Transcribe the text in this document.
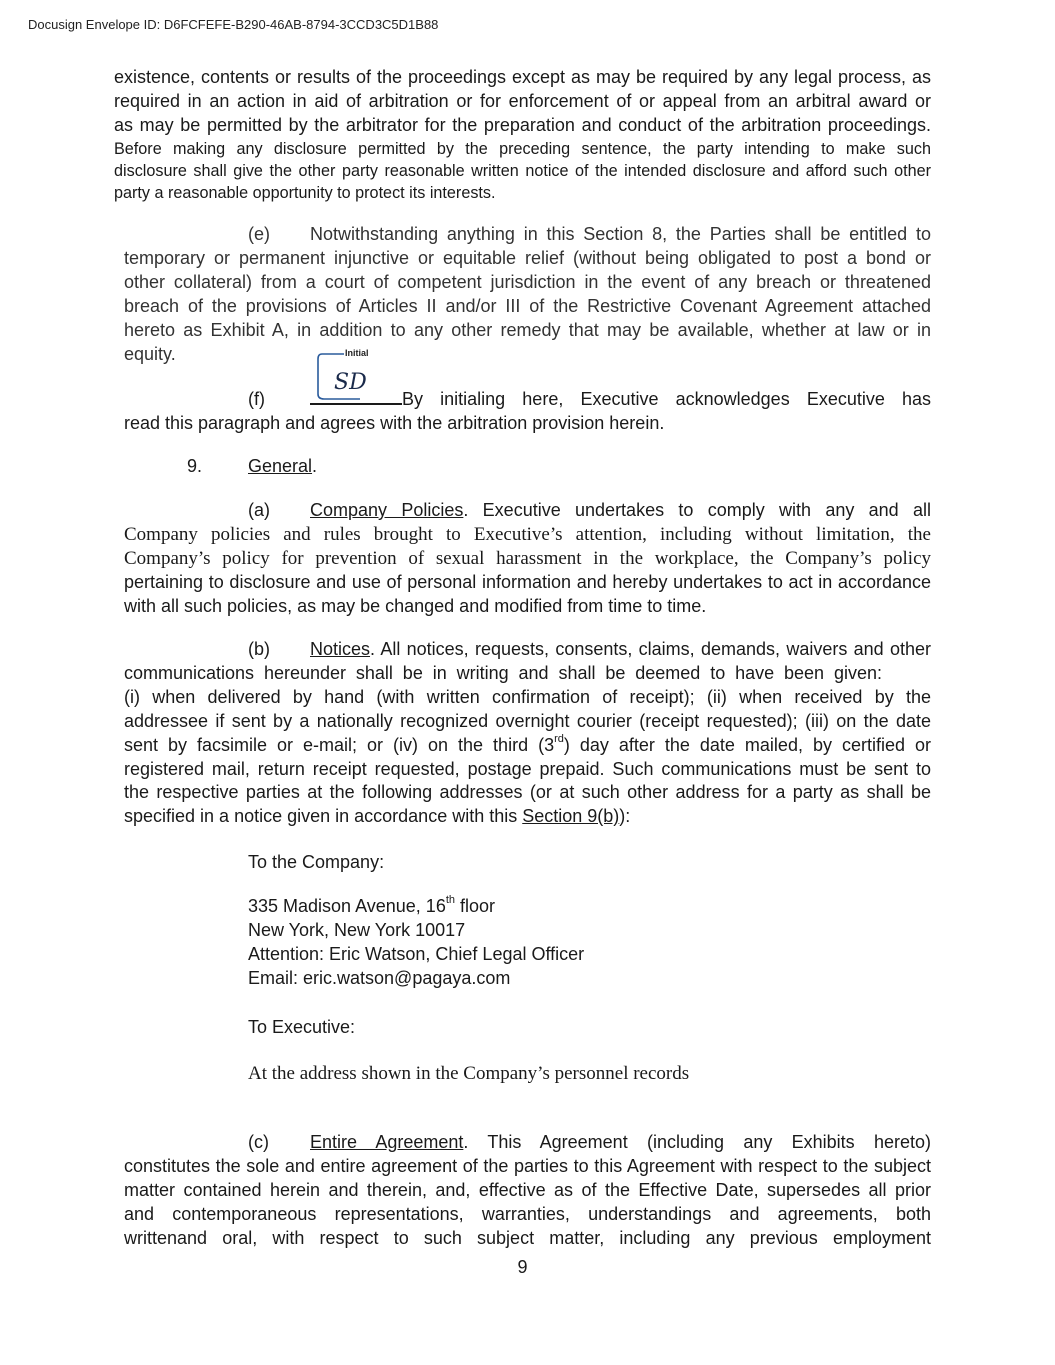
Docusign Envelope ID: D6FCFEFE-B290-46AB-8794-3CCD3C5D1B88
existence, contents or results of the proceedings except as may be required by any legal process, as
required in an action in aid of arbitration or for enforcement of or appeal from an arbitral award or
as may be permitted by the arbitrator for the preparation and conduct of the arbitration proceedings.
Before making any disclosure permitted by the preceding sentence, the party intending to make such
disclosure shall give the other party reasonable written notice of the intended disclosure and afford such other
party a reasonable opportunity to protect its interests.
(e) Notwithstanding anything in this Section 8, the Parties shall be entitled to
temporary or permanent injunctive or equitable relief (without being obligated to post a bond or
other collateral) from a court of competent jurisdiction in the event of any breach or threatened
breach of the provisions of Articles II and/or III of the Restrictive Covenant Agreement attached
hereto as Exhibit A, in addition to any other remedy that may be available, whether at law or in
equity.	Initial
SD
(f)	By initialing here, Executive acknowledges Executive has
read this paragraph and agrees with the arbitration provision herein.
9.	General.
(a) Company Policies. Executive undertakes to comply with any and all
Company policies and rules brought to Executive’s attention, including without limitation, the
Company’s policy for prevention of sexual harassment in the workplace, the Company’s policy
pertaining to disclosure and use of personal information and hereby undertakes to act in accordance
with all such policies, as may be changed and modified from time to time.
(b) Notices. All notices, requests, consents, claims, demands, waivers and other
communications hereunder shall be in writing and shall be deemed to have been given:
(i) when delivered by hand (with written confirmation of receipt); (ii) when received by the
addressee if sent by a nationally recognized overnight courier (receipt requested); (iii) on the date
sent by facsimile or e-mail; or (iv) on the third (3rd) day after the date mailed, by certified or
registered mail, return receipt requested, postage prepaid. Such communications must be sent to
the respective parties at the following addresses (or at such other address for a party as shall be
specified in a notice given in accordance with this Section 9(b)):
To the Company:
335 Madison Avenue, 16th floor
New York, New York 10017
Attention: Eric Watson, Chief Legal Officer
Email: eric.watson@pagaya.com
To Executive:
At the address shown in the Company’s personnel records
(c) Entire Agreement. This Agreement (including any Exhibits hereto)
constitutes the sole and entire agreement of the parties to this Agreement with respect to the subject
matter contained herein and therein, and, effective as of the Effective Date, supersedes all prior
and contemporaneous representations, warranties, understandings and agreements, both
writtenand oral, with respect to such subject matter, including any previous employment
9
